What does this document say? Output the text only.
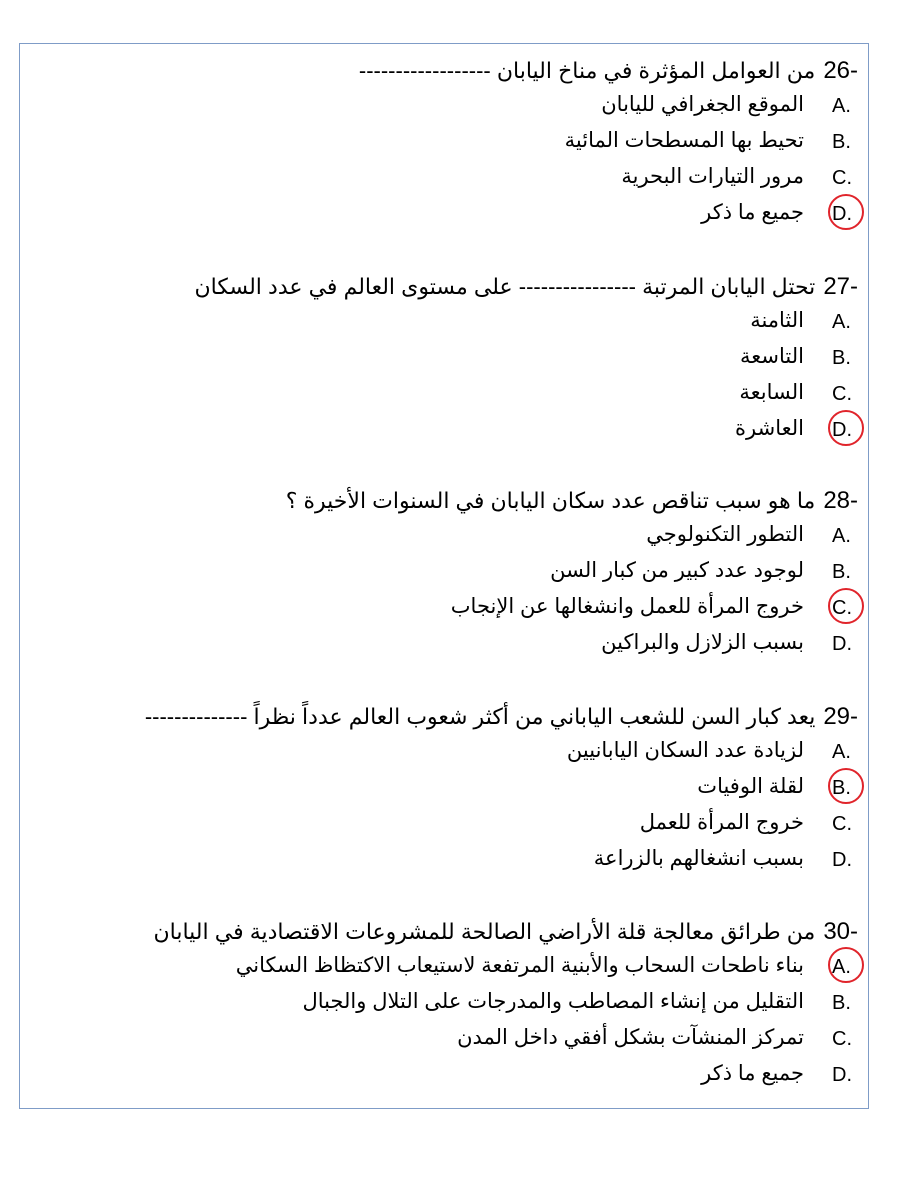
26-من العوامل المؤثرة في مناخ اليابان ------------------
A.
الموقع الجغرافي لليابان
B.
تحيط بها المسطحات المائية
C.
مرور التيارات البحرية
D.
جميع ما ذكر
27-تحتل اليابان المرتبة ---------------- على مستوى العالم في عدد السكان
A.
الثامنة
B.
التاسعة
C.
السابعة
D.
العاشرة
28-ما هو سبب تناقص عدد سكان اليابان في السنوات الأخيرة ؟
A.
التطور التكنولوجي
B.
لوجود عدد كبير من كبار السن
C.
خروج المرأة للعمل وانشغالها عن الإنجاب
D.
بسبب الزلازل والبراكين
29-يعد كبار السن للشعب الياباني من أكثر شعوب العالم عدداً نظراً --------------
A.
لزيادة عدد السكان اليابانيين
B.
لقلة الوفيات
C.
خروج المرأة للعمل
D.
بسبب انشغالهم بالزراعة
30-من طرائق معالجة قلة الأراضي الصالحة للمشروعات الاقتصادية في اليابان
A.
بناء ناطحات السحاب والأبنية المرتفعة لاستيعاب الاكتظاظ السكاني
B.
التقليل من إنشاء المصاطب والمدرجات على التلال والجبال
C.
تمركز المنشآت بشكل أفقي داخل المدن
D.
جميع ما ذكر
